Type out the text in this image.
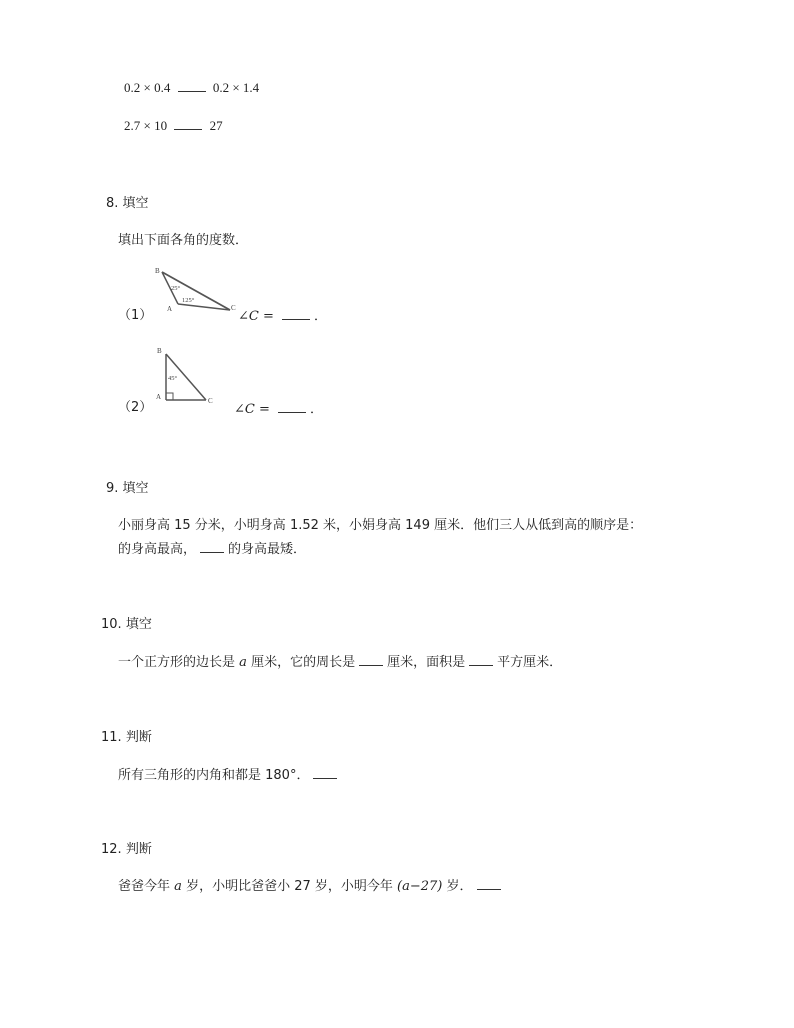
0.2 × 0.4	0.2 × 1.4
2.7 × 10	27
8. 填空
填出下面各角的度数．
B
A	C
25°
125°
（1）	∠C =	．
B
A	C
45°
（2）	∠C =	．
9. 填空
小丽身高 15 分米，小明身高 1.52 米，小娟身高 149 厘米．他们三人从低到高的顺序是：
的身高最高， 的身高最矮．
10. 填空
一个正方形的边长是 a 厘米，它的周长是 厘米，面积是 平方厘米．
11. 判断
所有三角形的内角和都是 180°．
12. 判断
爸爸今年 a 岁，小明比爸爸小 27 岁，小明今年 (a−27) 岁．
